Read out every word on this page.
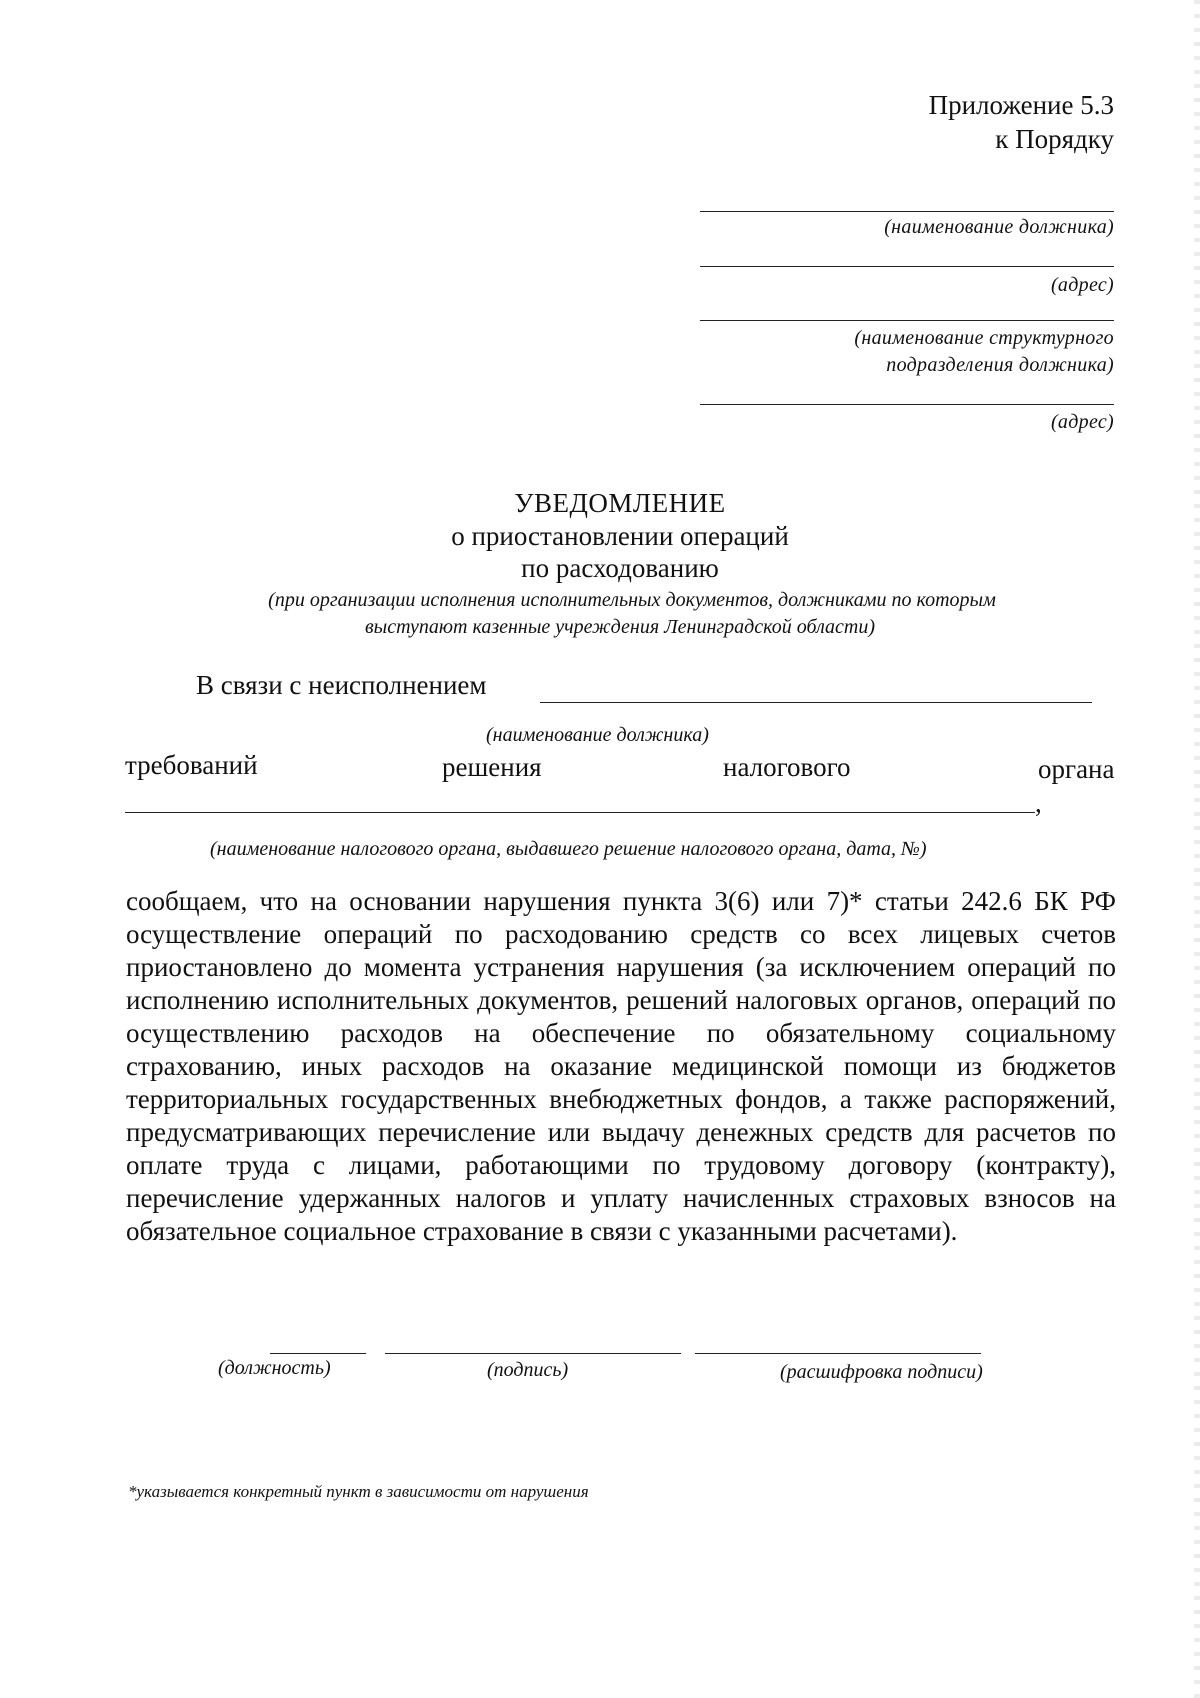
Приложение 5.3
к Порядку
(наименование должника)
(адрес)
(наименование структурного
подразделения должника)
(адрес)
УВЕДОМЛЕНИЕ
о приостановлении операций
по расходованию
(при организации исполнения исполнительных документов, должниками по которым
выступают казенные учреждения Ленинградской области)
В связи с неисполнением
(наименование должника)
требований	решения	налогового	органа
,
(наименование налогового органа, выдавшего решение налогового органа, дата, №)

сообщаем, что на основании нарушения пункта 3(6) или 7)* статьи 242.6 БК РФ осуществление операций по расходованию средств со всех лицевых счетов приостановлено до момента устранения нарушения (за исключением операций по исполнению исполнительных документов, решений налоговых органов, операций по осуществлению расходов на обеспечение по обязательному социальному страхованию, иных расходов на оказание медицинской помощи из бюджетов территориальных государственных внебюджетных фондов, а также распоряжений, предусматривающих перечисление или выдачу денежных средств для расчетов по оплате труда с лицами, работающими по трудовому договору (контракту), перечисление удержанных налогов и уплату начисленных страховых взносов на обязательное социальное страхование в связи с указанными расчетами).

(должность)	(подпись)	(расшифровка подписи)
*указывается конкретный пункт в зависимости от нарушения
